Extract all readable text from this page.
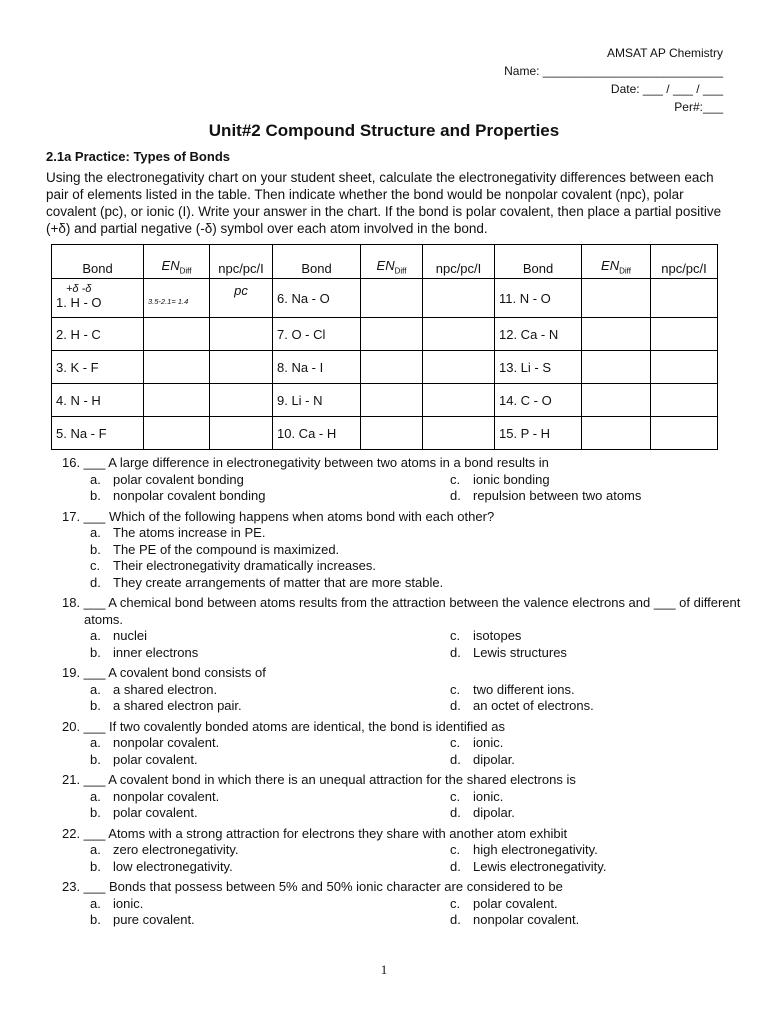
AMSAT AP Chemistry
Name: ___________________________
Date: ___ / ___ / ___
Per#:___
Unit#2 Compound Structure and Properties
2.1a Practice: Types of Bonds
Using the electronegativity chart on your student sheet, calculate the electronegativity differences between each pair of elements listed in the table. Then indicate whether the bond would be nonpolar covalent (npc), polar covalent (pc), or ionic (I). Write your answer in the chart. If the bond is polar covalent, then place a partial positive (+δ) and partial negative (-δ) symbol over each atom involved in the bond.
Bond	$EN_{Diff}$	npc/pc/I	Bond	$EN_{Diff}$	npc/pc/I	Bond	$EN_{Diff}$	npc/pc/I

+δ -δ
1. H - O	3.5-2.1= 1.4	pc	6. Na - O			11. N - O		
2. H - C			7. O - Cl			12. Ca - N		
3. K - F			8. Na - I			13. Li - S		
4. N - H			9. Li - N			14. C - O		
5. Na - F			10. Ca - H			15. P - H		
16. ___ A large difference in electronegativity between two atoms in a bond results in
a. polar covalent bonding	c. ionic bonding
b. nonpolar covalent bonding	d. repulsion between two atoms
17. ___ Which of the following happens when atoms bond with each other?
a. The atoms increase in PE.
b. The PE of the compound is maximized.
c. Their electronegativity dramatically increases.
d. They create arrangements of matter that are more stable.
18. ___ A chemical bond between atoms results from the attraction between the valence electrons and ___ of different atoms.
a. nuclei	c. isotopes
b. inner electrons	d. Lewis structures
19. ___ A covalent bond consists of
a. a shared electron.	c. two different ions.
b. a shared electron pair.	d. an octet of electrons.
20. ___ If two covalently bonded atoms are identical, the bond is identified as
a. nonpolar covalent.	c. ionic.
b. polar covalent.	d. dipolar.
21. ___ A covalent bond in which there is an unequal attraction for the shared electrons is
a. nonpolar covalent.	c. ionic.
b. polar covalent.	d. dipolar.
22. ___ Atoms with a strong attraction for electrons they share with another atom exhibit
a. zero electronegativity.	c. high electronegativity.
b. low electronegativity.	d. Lewis electronegativity.
23. ___ Bonds that possess between 5% and 50% ionic character are considered to be
a. ionic.	c. polar covalent.
b. pure covalent.	d. nonpolar covalent.
1
